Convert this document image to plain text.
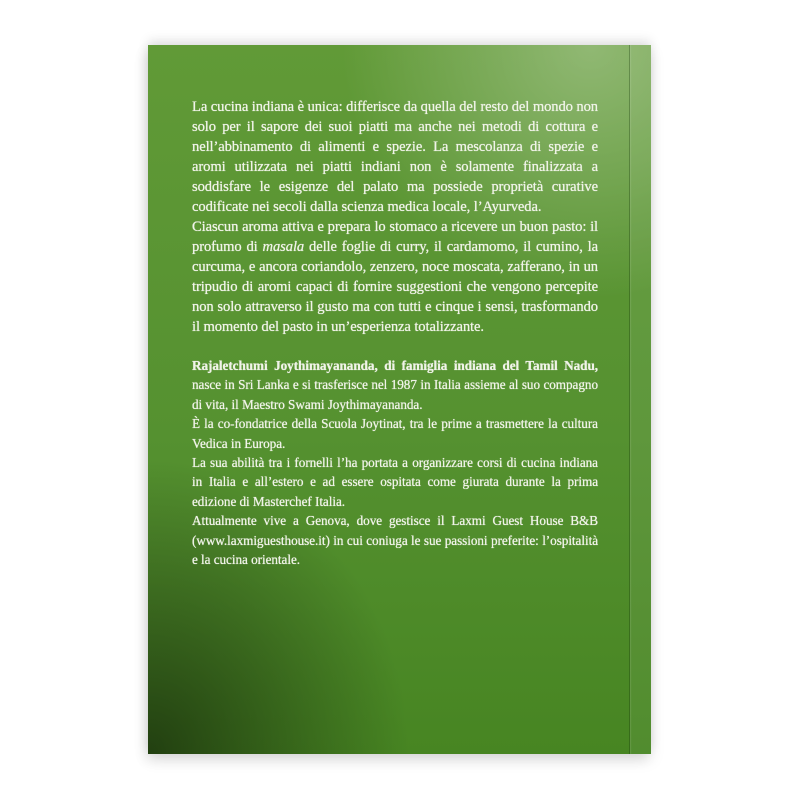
La cucina indiana è unica: differisce da quella del resto del mondo non solo per il sapore dei suoi piatti ma anche nei metodi di cottura e nell’abbinamento di alimenti e spezie. La mescolanza di spezie e aromi utilizzata nei piatti indiani non è solamente finalizzata a soddisfare le esigenze del palato ma possiede proprietà curative codificate nei secoli dalla scienza medica locale, l’Ayurveda.

Ciascun aroma attiva e prepara lo stomaco a ricevere un buon pasto: il profumo di masala delle foglie di curry, il cardamomo, il cumino, la curcuma, e ancora coriandolo, zenzero, noce moscata, zafferano, in un tripudio di aromi capaci di fornire suggestioni che vengono percepite non solo attraverso il gusto ma con tutti e cinque i sensi, trasformando il momento del pasto in un’esperienza totalizzante.

Rajaletchumi Joythimayananda, di famiglia indiana del Tamil Nadu, nasce in Sri Lanka e si trasferisce nel 1987 in Italia assieme al suo compagno di vita, il Maestro Swami Joythimayananda.

È la co-fondatrice della Scuola Joytinat, tra le prime a trasmettere la cultura Vedica in Europa.

La sua abilità tra i fornelli l’ha portata a organizzare corsi di cucina indiana in Italia e all’estero e ad essere ospitata come giurata durante la prima edizione di Masterchef Italia.

Attualmente vive a Genova, dove gestisce il Laxmi Guest House B&B (www.laxmiguesthouse.it) in cui coniuga le sue passioni preferite: l’ospitalità e la cucina orientale.
